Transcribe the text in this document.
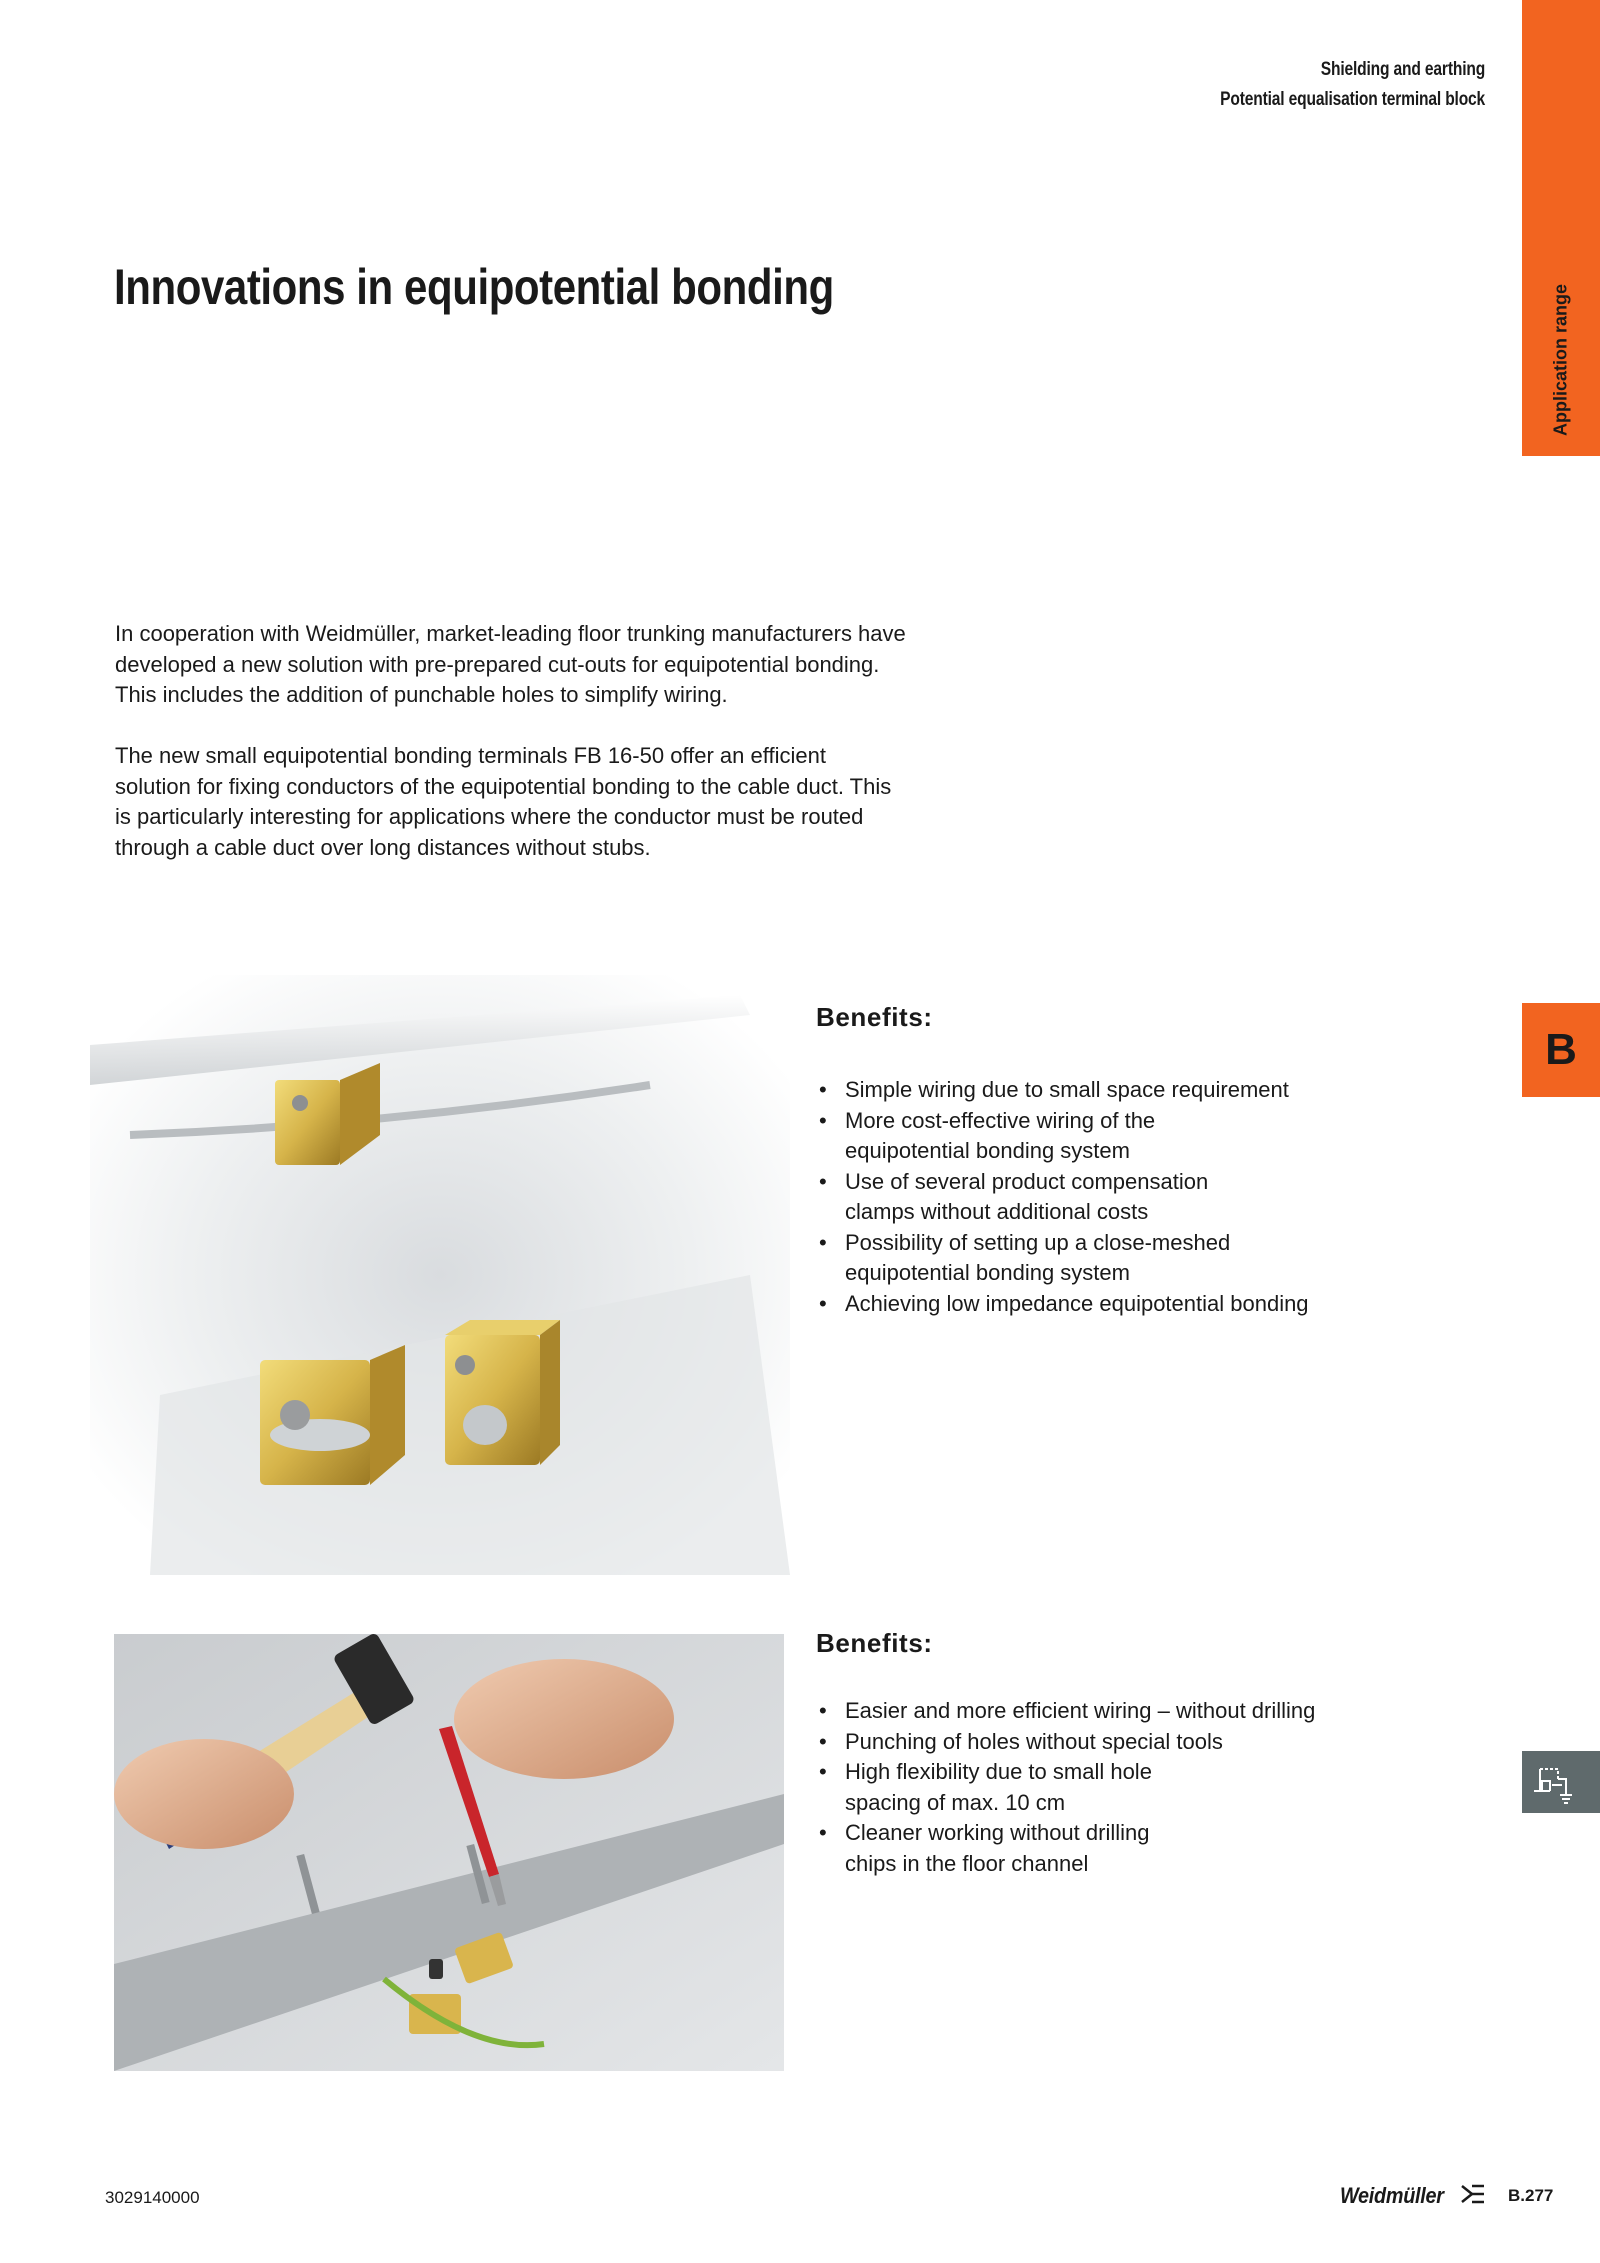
Shielding and earthing
Potential equalisation terminal block
Application range
B
Innovations in equipotential bonding
In cooperation with Weidmüller, market-leading floor trunking manufacturers have
developed a new solution with pre-prepared cut-outs for equipotential bonding.
This includes the addition of punchable holes to simplify wiring.
The new small equipotential bonding terminals FB 16-50 offer an efficient
solution for fixing conductors of the equipotential bonding to the cable duct. This
is particularly interesting for applications where the conductor must be routed
through a cable duct over long distances without stubs.
Benefits:
• Simple wiring due to small space requirement
• More cost-effective wiring of the
equipotential bonding system
• Use of several product compensation
clamps without additional costs
• Possibility of setting up a close-meshed
equipotential bonding system
• Achieving low impedance equipotential bonding
Benefits:
• Easier and more efficient wiring – without drilling
• Punching of holes without special tools
• High flexibility due to small hole
spacing of max. 10 cm
• Cleaner working without drilling
chips in the floor channel
3029140000	Weidmüller	B.277
